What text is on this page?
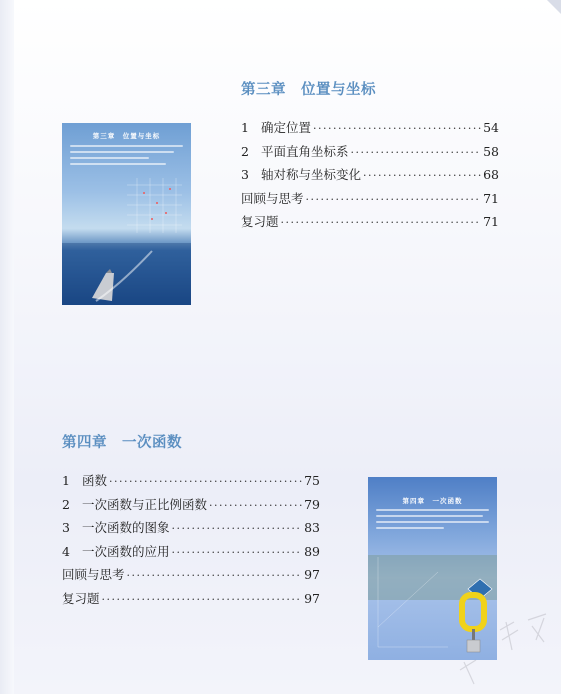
第三章　位置与坐标
1 确定位置 ·····	54
2 平面直角坐标系 ·····	58
3 轴对称与坐标变化 ·····	68
回顾与思考 ·····	71
复习题 ·····	71
第三章　位置与坐标
第四章　一次函数
1 函数 ·····	75
2 一次函数与正比例函数 ·····	79
3 一次函数的图象 ·····	83
4 一次函数的应用 ·····	89
回顾与思考 ·····	97
复习题 ·····	97
第四章　一次函数
